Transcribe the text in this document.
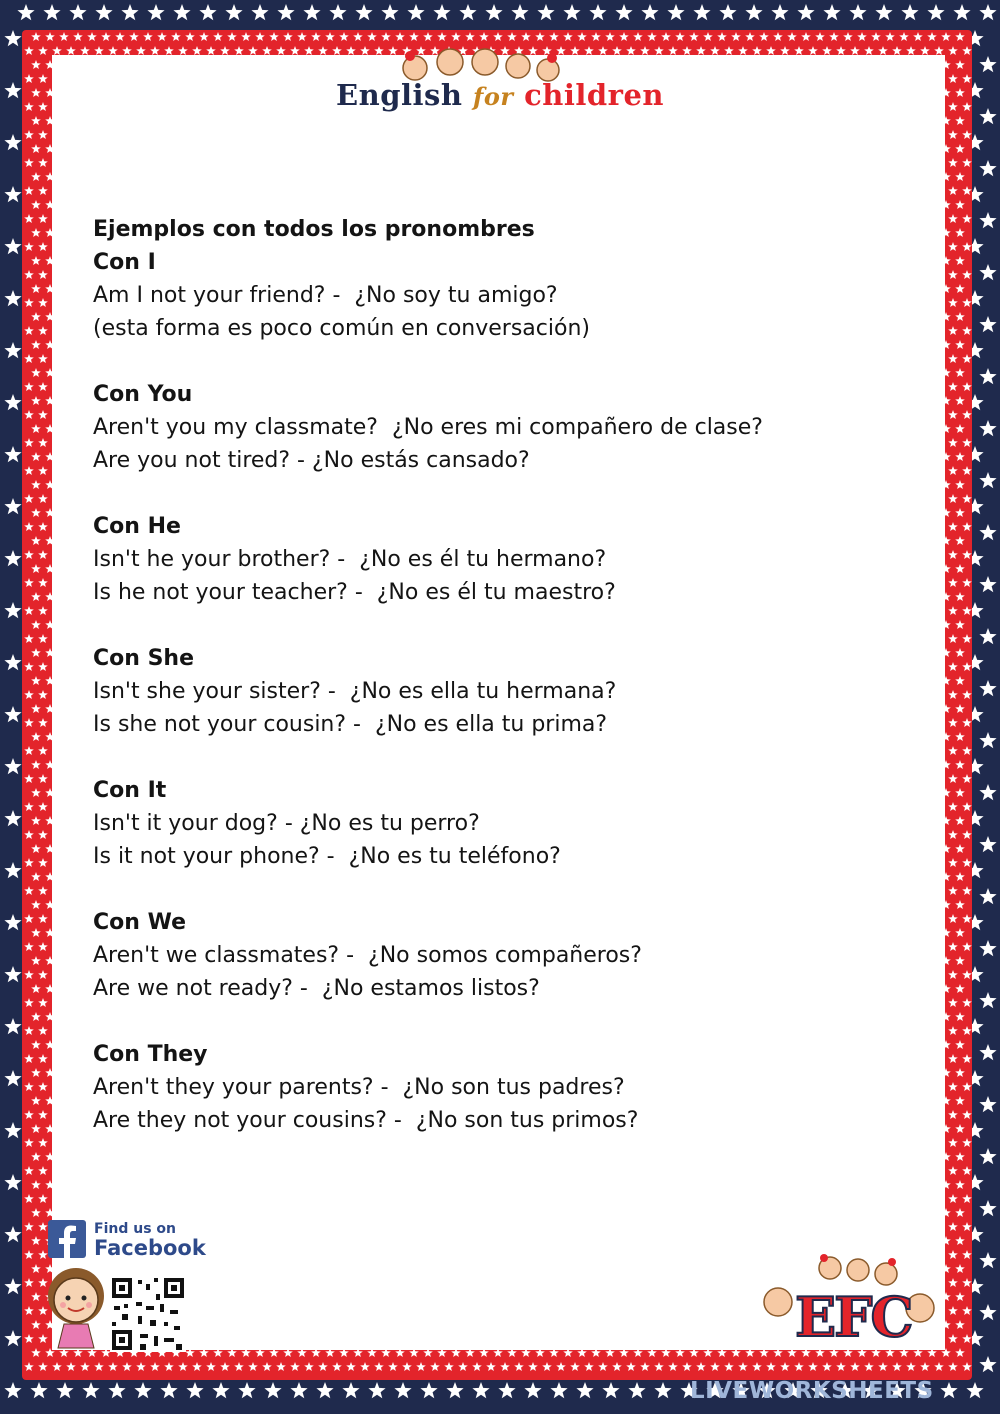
English for children
Ejemplos con todos los pronombres
Con I
Am I not your friend? -  ¿No soy tu amigo?
(esta forma es poco común en conversación)
Con You
Aren't you my classmate?  ¿No eres mi compañero de clase?
Are you not tired? - ¿No estás cansado?
Con He
Isn't he your brother? -  ¿No es él tu hermano?
Is he not your teacher? -  ¿No es él tu maestro?
Con She
Isn't she your sister? -  ¿No es ella tu hermana?
Is she not your cousin? -  ¿No es ella tu prima?
Con It
Isn't it your dog? - ¿No es tu perro?
Is it not your phone? -  ¿No es tu teléfono?
Con We
Aren't we classmates? -  ¿No somos compañeros?
Are we not ready? -  ¿No estamos listos?
Con They
Aren't they your parents? -  ¿No son tus padres?
Are they not your cousins? -  ¿No son tus primos?
Find us on
Facebook
EFC
LIVEWORKSHEETS
